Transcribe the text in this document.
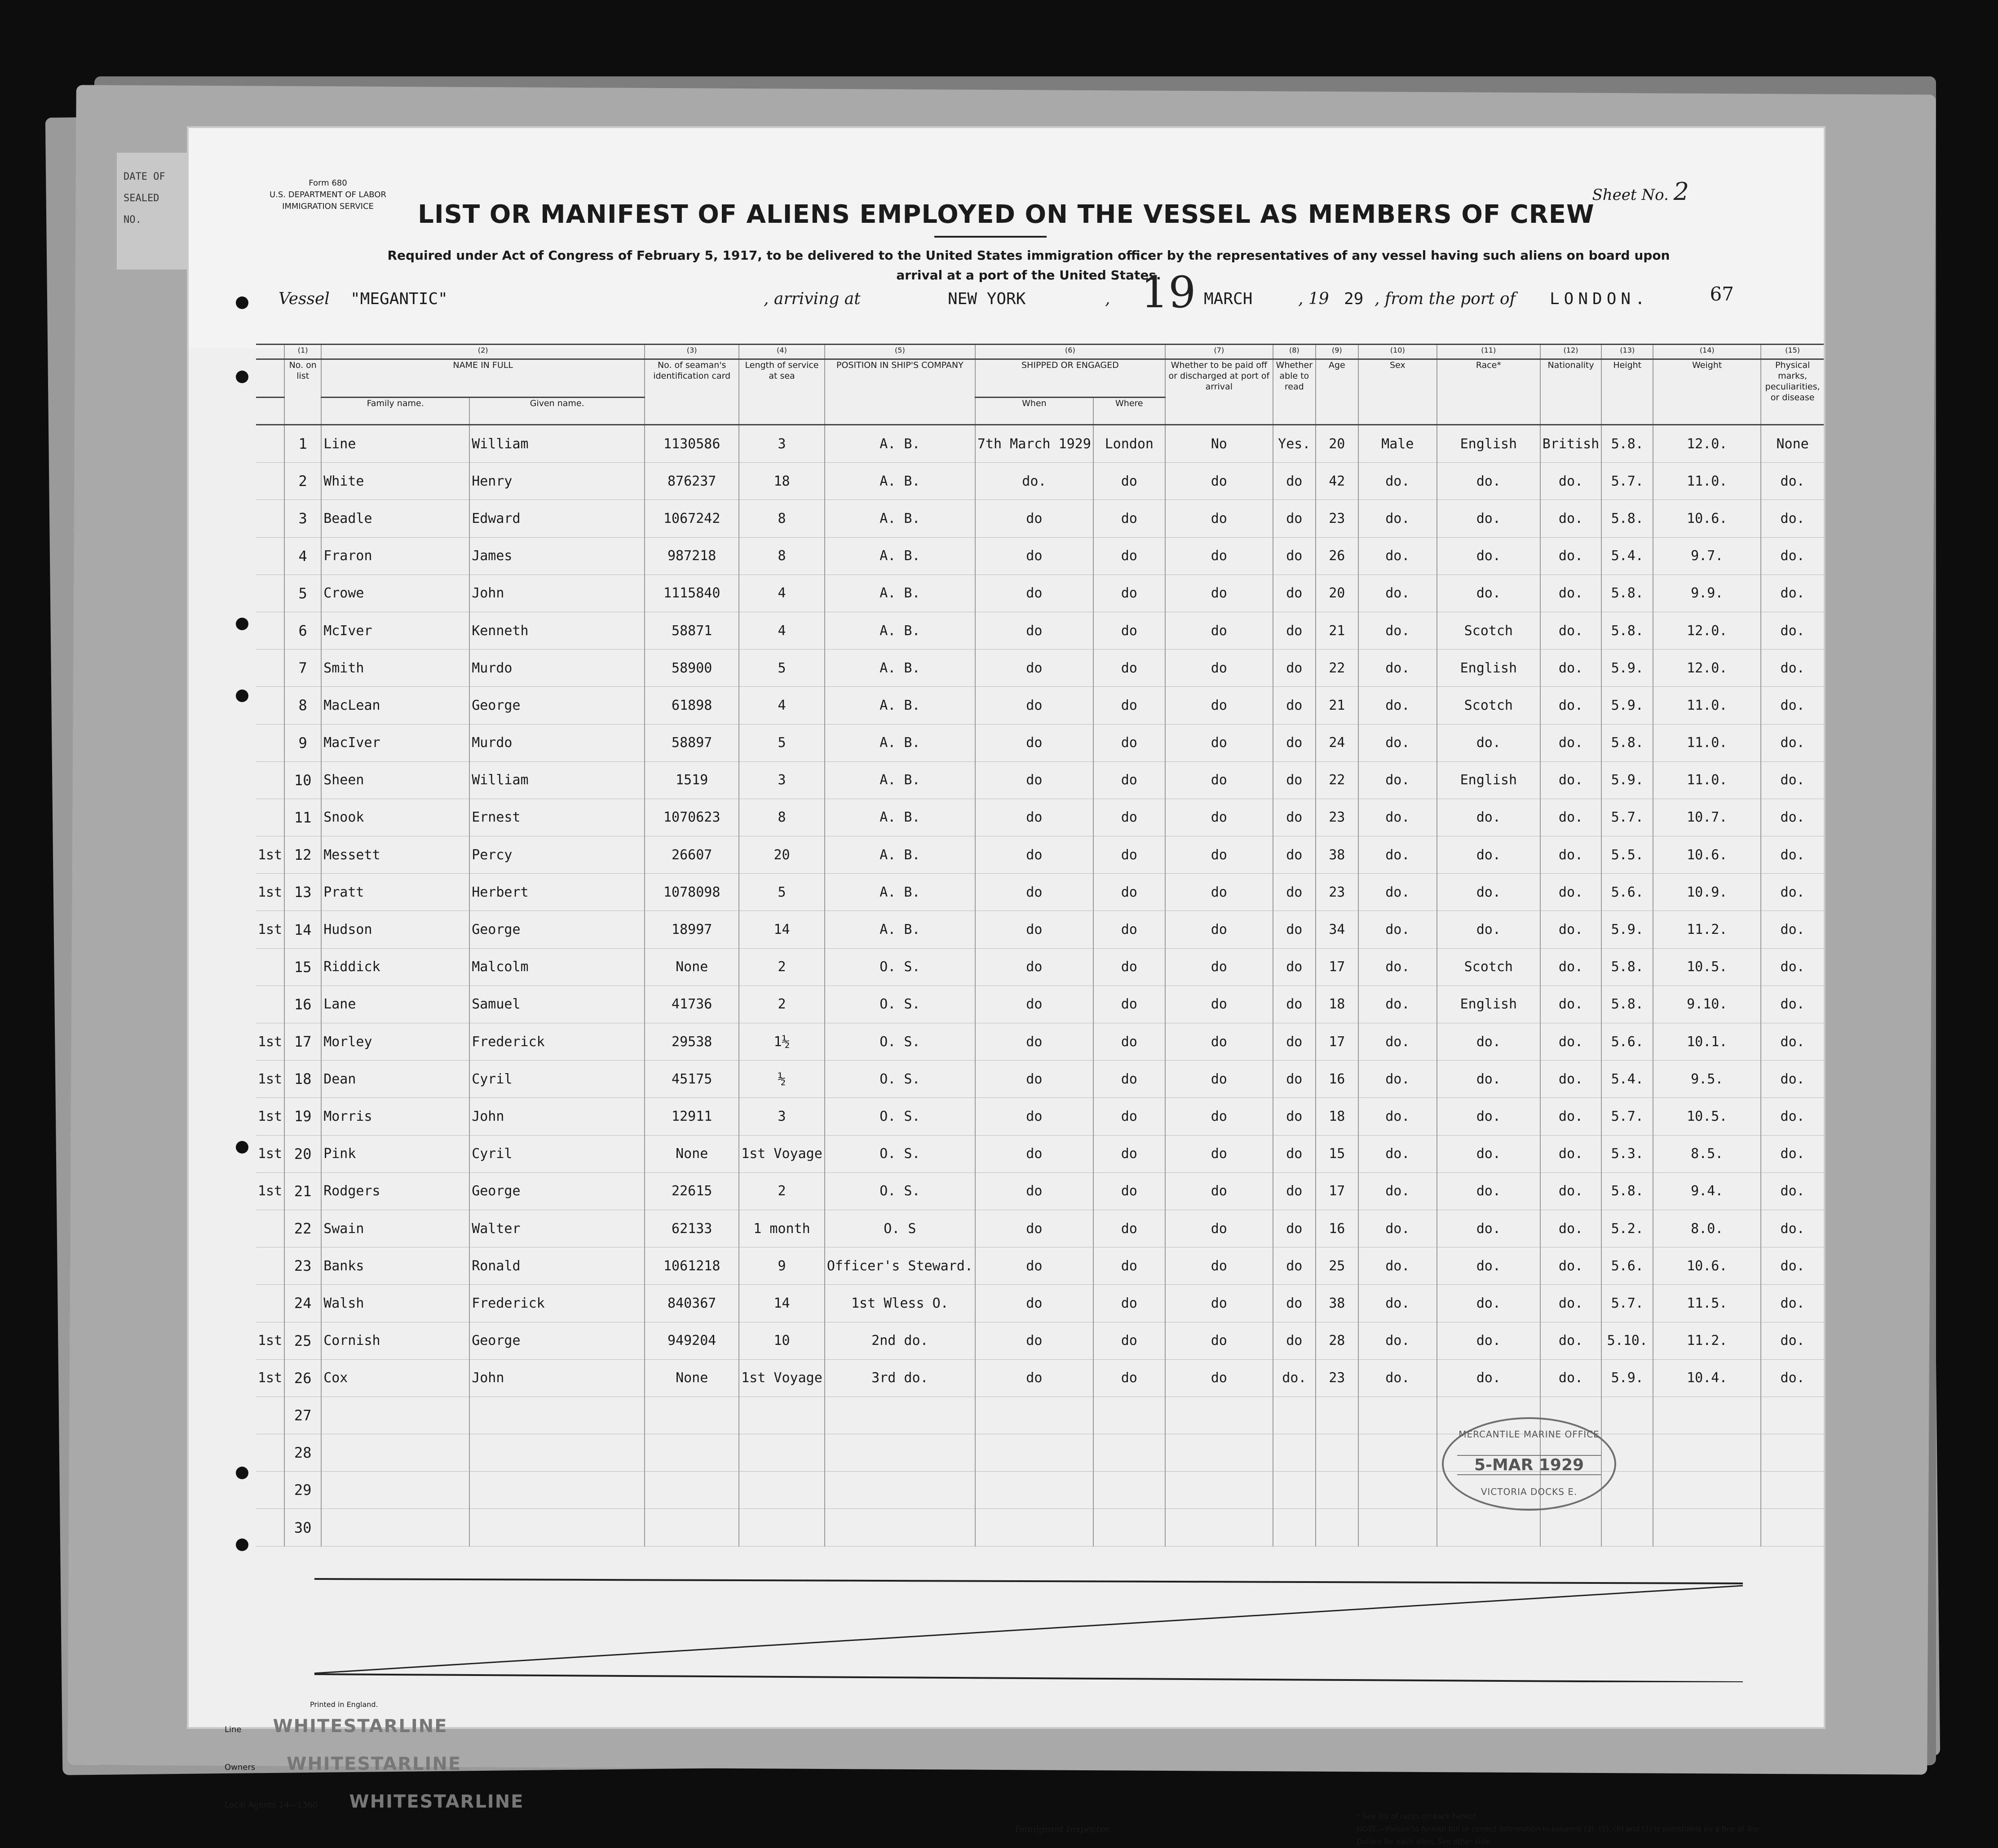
DATE OF
SEALED
NO.
Form 680
U.S. DEPARTMENT OF LABOR
IMMIGRATION SERVICE
Sheet No. 2
LIST OR MANIFEST OF ALIENS EMPLOYED ON THE VESSEL AS MEMBERS OF CREW
Required under Act of Congress of February 5, 1917, to be delivered to the United States immigration officer by the representatives of any vessel having such aliens on board upon arrival at a port of the United States.
Vessel "MEGANTIC"	, arriving at	NEW YORK	, 19 MARCH	, 19 29 , from the port of LONDON.	67
	(1)	(2)		(3)	(4)	(5)	(6)		(7)	(8)	(9)	(10)	(11)	(12)	(13)	(14)	(15)
	No. on list	NAME IN FULL		No. of seaman's identification card	Length of service at sea	POSITION IN SHIP'S COMPANY	SHIPPED OR ENGAGED		Whether to be paid off or discharged at port of arrival	Whether able to read	Age	Sex	Race*	Nationality	Height	Weight	Physical marks, peculiarities, or disease
		Family name.	Given name.				When	Where									
	1	Line	William	1130586	3	A. B.	7th March 1929	London	No	Yes.	20	Male	English	British	5.8.	12.0.	None
	2	White	Henry	876237	18	A. B.	do.	do	do	do	42	do.	do.	do.	5.7.	11.0.	do.
	3	Beadle	Edward	1067242	8	A. B.	do	do	do	do	23	do.	do.	do.	5.8.	10.6.	do.
	4	Fraron	James	987218	8	A. B.	do	do	do	do	26	do.	do.	do.	5.4.	9.7.	do.
	5	Crowe	John	1115840	4	A. B.	do	do	do	do	20	do.	do.	do.	5.8.	9.9.	do.
	6	McIver	Kenneth	58871	4	A. B.	do	do	do	do	21	do.	Scotch	do.	5.8.	12.0.	do.
	7	Smith	Murdo	58900	5	A. B.	do	do	do	do	22	do.	English	do.	5.9.	12.0.	do.
	8	MacLean	George	61898	4	A. B.	do	do	do	do	21	do.	Scotch	do.	5.9.	11.0.	do.
	9	MacIver	Murdo	58897	5	A. B.	do	do	do	do	24	do.	do.	do.	5.8.	11.0.	do.
	10	Sheen	William	1519	3	A. B.	do	do	do	do	22	do.	English	do.	5.9.	11.0.	do.
	11	Snook	Ernest	1070623	8	A. B.	do	do	do	do	23	do.	do.	do.	5.7.	10.7.	do.
1st	12	Messett	Percy	26607	20	A. B.	do	do	do	do	38	do.	do.	do.	5.5.	10.6.	do.
1st	13	Pratt	Herbert	1078098	5	A. B.	do	do	do	do	23	do.	do.	do.	5.6.	10.9.	do.
1st	14	Hudson	George	18997	14	A. B.	do	do	do	do	34	do.	do.	do.	5.9.	11.2.	do.
	15	Riddick	Malcolm	None	2	O. S.	do	do	do	do	17	do.	Scotch	do.	5.8.	10.5.	do.
	16	Lane	Samuel	41736	2	O. S.	do	do	do	do	18	do.	English	do.	5.8.	9.10.	do.
1st	17	Morley	Frederick	29538	1½	O. S.	do	do	do	do	17	do.	do.	do.	5.6.	10.1.	do.
1st	18	Dean	Cyril	45175	½	O. S.	do	do	do	do	16	do.	do.	do.	5.4.	9.5.	do.
1st	19	Morris	John	12911	3	O. S.	do	do	do	do	18	do.	do.	do.	5.7.	10.5.	do.
1st	20	Pink	Cyril	None	1st Voyage	O. S.	do	do	do	do	15	do.	do.	do.	5.3.	8.5.	do.
1st	21	Rodgers	George	22615	2	O. S.	do	do	do	do	17	do.	do.	do.	5.8.	9.4.	do.
	22	Swain	Walter	62133	1 month	O. S	do	do	do	do	16	do.	do.	do.	5.2.	8.0.	do.
	23	Banks	Ronald	1061218	9	Officer's Steward.	do	do	do	do	25	do.	do.	do.	5.6.	10.6.	do.
	24	Walsh	Frederick	840367	14	1st Wless O.	do	do	do	do	38	do.	do.	do.	5.7.	11.5.	do.
1st	25	Cornish	George	949204	10	2nd do.	do	do	do	do	28	do.	do.	do.	5.10.	11.2.	do.
1st	26	Cox	John	None	1st Voyage	3rd do.	do	do	do	do.	23	do.	do.	do.	5.9.	10.4.	do.
	27																
	28																
	29																
	30																
MERCANTILE MARINE OFFICE
5-MAR 1929
VICTORIA DOCKS E.
Printed in England.
Line WHITESTARLINE
Owners WHITESTARLINE
Local Agents 14—1360 WHITESTARLINE
Immigrant Inspector.
* See list of races on back hereof.
NOTE.—Failure to furnish full or correct information in columns (2), (5), (6) and (7) is punishable by a fine of Ten Dollars for each alien. See other side.
